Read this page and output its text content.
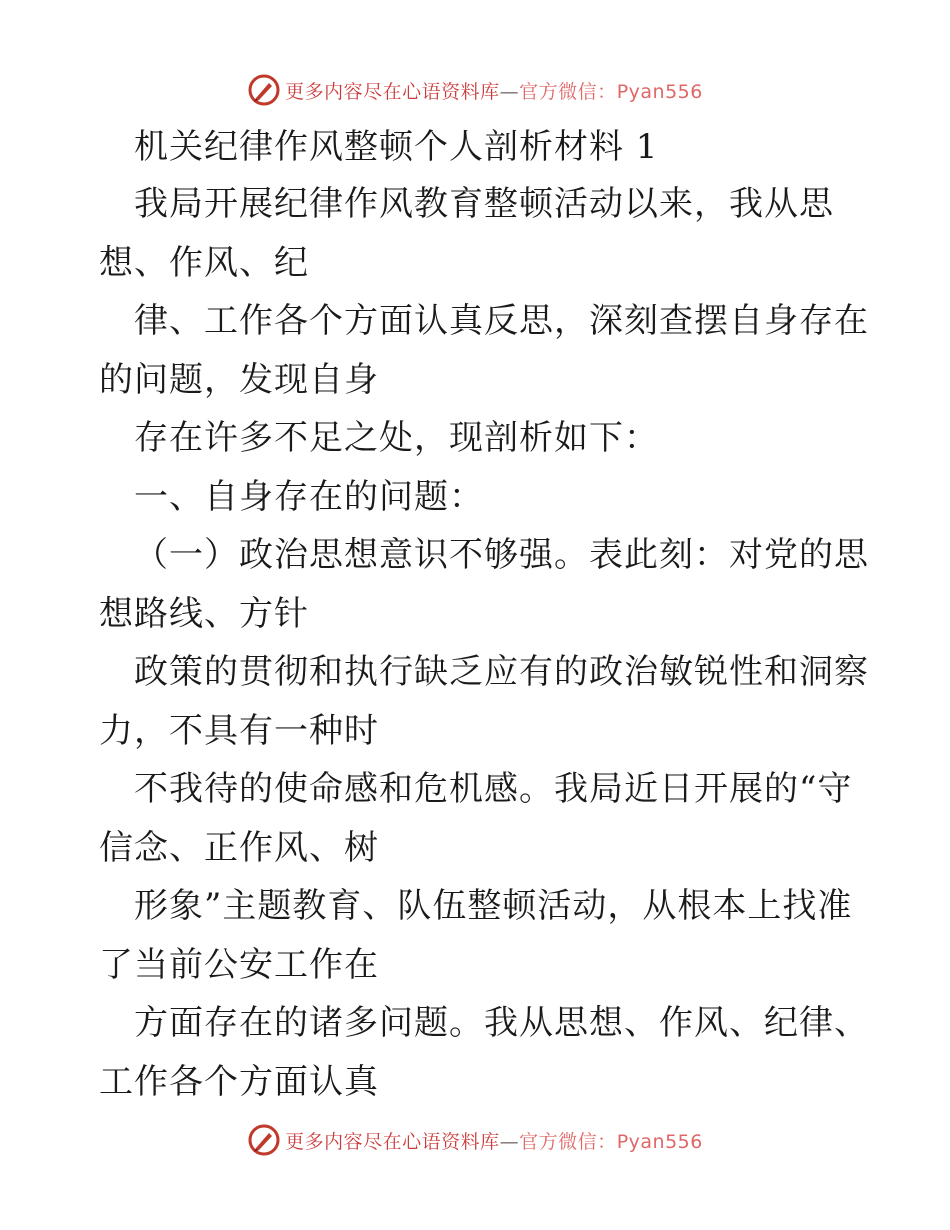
更多内容尽在心语资料库—官方微信：Pyan556
机关纪律作风整顿个人剖析材料 1
我局开展纪律作风教育整顿活动以来，我从思
想、作风、纪
律、工作各个方面认真反思，深刻查摆自身存在
的问题，发现自身
存在许多不足之处，现剖析如下：
一、自身存在的问题：
（一）政治思想意识不够强。表此刻：对党的思
想路线、方针
政策的贯彻和执行缺乏应有的政治敏锐性和洞察
力，不具有一种时
不我待的使命感和危机感。我局近日开展的“守
信念、正作风、树
形象”主题教育、队伍整顿活动，从根本上找准
了当前公安工作在
方面存在的诸多问题。我从思想、作风、纪律、
工作各个方面认真
更多内容尽在心语资料库—官方微信：Pyan556
